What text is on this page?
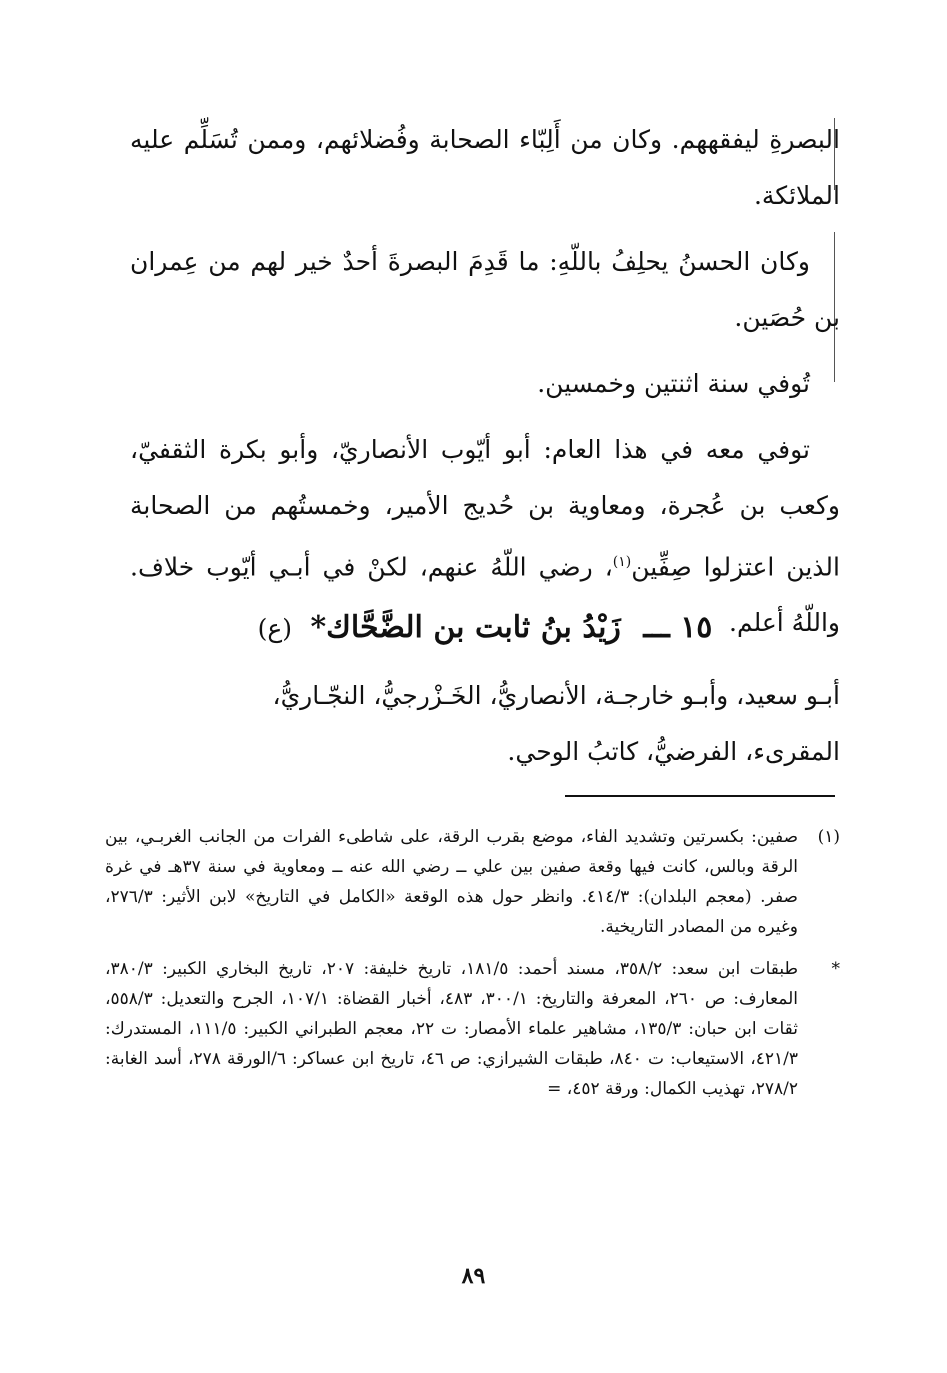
البصرةِ ليفقههم. وكان من أَلِبّاء الصحابة وفُضلائهم، وممن تُسَلِّم عليه الملائكة.

وكان الحسنُ يحلِفُ باللّهِ: ما قَدِمَ البصرةَ أحدٌ خير لهم من عِمران بن حُصَين.

تُوفي سنة اثنتين وخمسين.

توفي معه في هذا العام: أبو أيّوب الأنصاريّ، وأبو بكرة الثقفيّ، وكعب بن عُجرة، ومعاوية بن حُديج الأمير، وخمستُهم من الصحابة الذين اعتزلوا صِفِّين$^{(١)}$، رضي اللّهُ عنهم، لكنْ في أبـي أيّوب خلاف. واللّهُ أعلم.

١٥ ـــ زَيْدُ بنُ ثابت بن الضَّحَّاك* (ع)

أبـو سعيد، وأبـو خارجـة، الأنصاريُّ، الخَـزْرجيُّ، النجّـاريُّ،

المقرىء، الفرضيُّ، كاتبُ الوحي.

(١)
صفين: بكسرتين وتشديد الفاء، موضع بقرب الرقة، على شاطىء الفرات من الجانب الغربـي، بين الرقة وبالس، كانت فيها وقعة صفين بين علي ــ رضي الله عنه ــ ومعاوية في سنة ٣٧هـ في غرة صفر. (معجم البلدان): ٤١٤/٣. وانظر حول هذه الوقعة «الكامل في التاريخ» لابن الأثير: ٢٧٦/٣، وغيره من المصادر التاريخية.
*
طبقات ابن سعد: ٣٥٨/٢، مسند أحمد: ١٨١/٥، تاريخ خليفة: ٢٠٧، تاريخ البخاري الكبير: ٣٨٠/٣، المعارف: ص ٢٦٠، المعرفة والتاريخ: ٣٠٠/١، ٤٨٣، أخبار القضاة: ١٠٧/١، الجرح والتعديل: ٥٥٨/٣، ثقات ابن حبان: ١٣٥/٣، مشاهير علماء الأمصار: ت ٢٢، معجم الطبراني الكبير: ١١١/٥، المستدرك: ٤٢١/٣، الاستيعاب: ت ٨٤٠، طبقات الشيرازي: ص ٤٦، تاريخ ابن عساكر: ٦/الورقة ٢٧٨، أسد الغابة: ٢٧٨/٢، تهذيب الكمال: ورقة ٤٥٢، =
٨٩
